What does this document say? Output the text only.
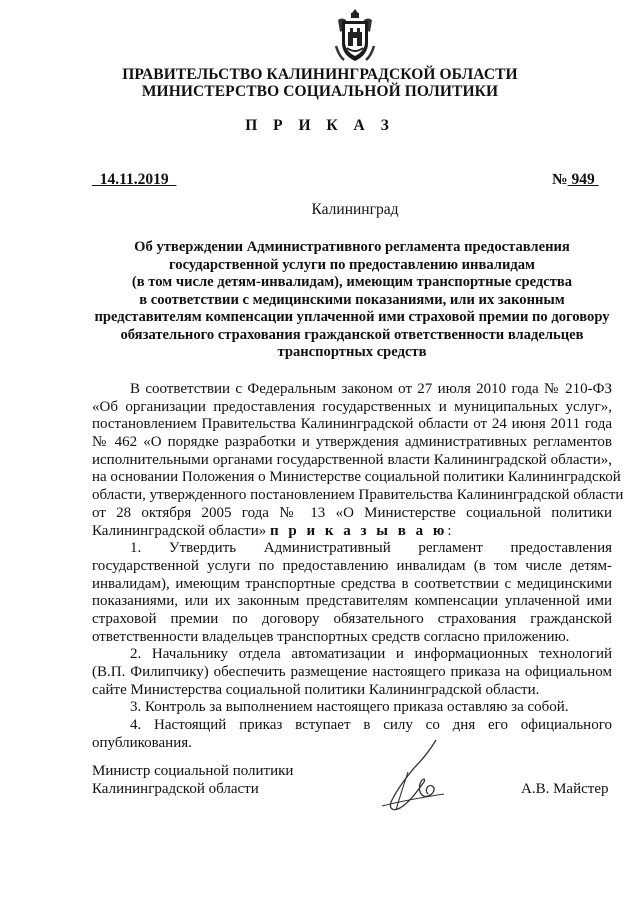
ПРАВИТЕЛЬСТВО КАЛИНИНГРАДСКОЙ ОБЛАСТИ
МИНИСТЕРСТВО СОЦИАЛЬНОЙ ПОЛИТИКИ
П Р И К А З
14.11.2019	№ 949
Калининград
Об утверждении Административного регламента предоставления
государственной услуги по предоставлению инвалидам
(в том числе детям-инвалидам), имеющим транспортные средства
в соответствии с медицинскими показаниями, или их законным
представителям компенсации уплаченной ими страховой премии по договору
обязательного страхования гражданской ответственности владельцев
транспортных средств
В соответствии с Федеральным законом от 27 июля 2010 года № 210-ФЗ
«Об организации предоставления государственных и муниципальных услуг»,
постановлением Правительства Калининградской области от 24 июня 2011 года
№ 462 «О порядке разработки и утверждения административных регламентов
исполнительными органами государственной власти Калининградской области»,
на основании Положения о Министерстве социальной политики Калининградской
области, утвержденного постановлением Правительства Калининградской области
от 28 октября 2005 года № 13 «О Министерстве социальной политики
Калининградской области» п р и к а з ы в а ю:
1. Утвердить Административный регламент предоставления
государственной услуги по предоставлению инвалидам (в том числе детям-
инвалидам), имеющим транспортные средства в соответствии с медицинскими
показаниями, или их законным представителям компенсации уплаченной ими
страховой премии по договору обязательного страхования гражданской
ответственности владельцев транспортных средств согласно приложению.
2. Начальнику отдела автоматизации и информационных технологий
(В.П. Филипчику) обеспечить размещение настоящего приказа на официальном
сайте Министерства социальной политики Калининградской области.
3. Контроль за выполнением настоящего приказа оставляю за собой.
4. Настоящий приказ вступает в силу со дня его официального
опубликования.
Министр социальной политики
Калининградской области	А.В. Майстер
